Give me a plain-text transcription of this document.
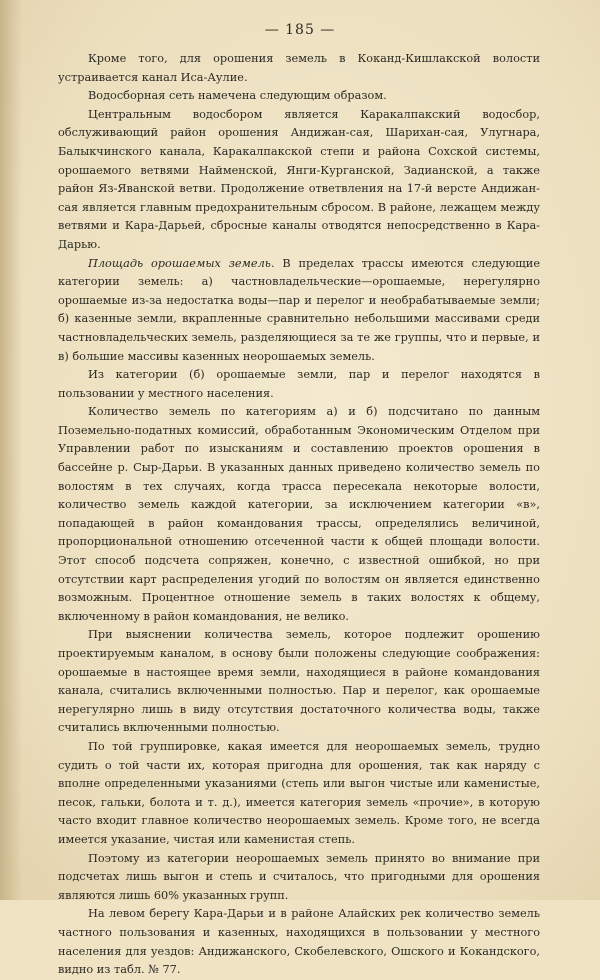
— 185 —

Кроме того, для орошения земель в Коканд-Кишлакской волости устраивается канал Иса-Аулие.

Водосборная сеть намечена следующим образом.

Центральным водосбором является Каракалпакский водосбор, обслуживающий район орошения Андижан-сая, Шарихан-сая, Улугнара, Балыкчинского канала, Каракалпакской степи и района Сохской системы, орошаемого ветвями Найменской, Янги-Курганской, Задианской, а также район Яз-Яванской ветви. Продолжение ответвления на 17-й версте Андижан-сая является главным предохранительным сбросом. В районе, лежащем между ветвями и Кара-Дарьей, сбросные каналы отводятся непосредственно в Кара-Дарью.

Площадь орошаемых земель. В пределах трассы имеются следующие категории земель: а) частновладельческие—орошаемые, нерегулярно орошаемые из-за недостатка воды—пар и перелог и необрабатываемые земли; б) казенные земли, вкрапленные сравнительно небольшими массивами среди частновладельческих земель, разделяющиеся за те же группы, что и первые, и в) большие массивы казенных неорошаемых земель.

Из категории (б) орошаемые земли, пар и перелог находятся в пользовании у местного населения.

Количество земель по категориям а) и б) подсчитано по данным Поземельно-податных комиссий, обработанным Экономическим Отделом при Управлении работ по изысканиям и составлению проектов орошения в бассейне р. Сыр-Дарьи. В указанных данных приведено количество земель по волостям в тех случаях, когда трасса пересекала некоторые волости, количество земель каждой категории, за исключением категории «в», попадающей в район командования трассы, определялись величиной, пропорциональной отношению отсеченной части к общей площади волости. Этот способ подсчета сопряжен, конечно, с известной ошибкой, но при отсутствии карт распределения угодий по волостям он является единственно возможным. Процентное отношение земель в таких волостях к общему, включенному в район командования, не велико.

При выяснении количества земель, которое подлежит орошению проектируемым каналом, в основу были положены следующие соображения: орошаемые в настоящее время земли, находящиеся в районе командования канала, считались включенными полностью. Пар и перелог, как орошаемые нерегулярно лишь в виду отсутствия достаточного количества воды, также считались включенными полностью.

По той группировке, какая имеется для неорошаемых земель, трудно судить о той части их, которая пригодна для орошения, так как наряду с вполне определенными указаниями (степь или выгон чистые или каменистые, песок, гальки, болота и т. д.), имеется категория земель «прочие», в которую часто входит главное количество неорошаемых земель. Кроме того, не всегда имеется указание, чистая или каменистая степь.

Поэтому из категории неорошаемых земель принято во внимание при подсчетах лишь выгон и степь и считалось, что пригодными для орошения являются лишь 60% указанных групп.

На левом берегу Кара-Дарьи и в районе Алайских рек количество земель частного пользования и казенных, находящихся в пользовании у местного населения для уездов: Андижанского, Скобелевского, Ошского и Кокандского, видно из табл. № 77.
